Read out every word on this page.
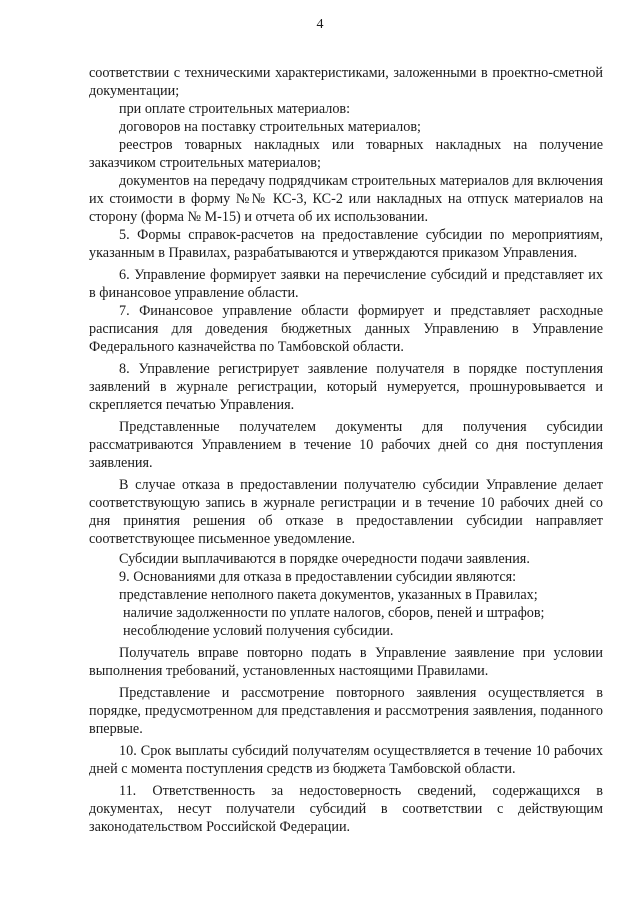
4

соответствии с техническими характеристиками, заложенными в проектно-сметной документации;

при оплате строительных материалов:

договоров на поставку строительных материалов;

реестров товарных накладных или товарных накладных на получение заказчиком строительных материалов;

документов на передачу подрядчикам строительных материалов для включения их стоимости в форму №№ КС-3, КС-2 или накладных на отпуск материалов на сторону (форма № М-15) и отчета об их использовании.

5. Формы справок-расчетов на предоставление субсидии по мероприятиям, указанным в Правилах, разрабатываются и утверждаются приказом Управления.

6. Управление формирует заявки на перечисление субсидий и представляет их в финансовое управление области.

7. Финансовое управление области формирует и представляет расходные расписания для доведения бюджетных данных Управлению в Управление Федерального казначейства по Тамбовской области.

8. Управление регистрирует заявление получателя в порядке поступления заявлений в журнале регистрации, который нумеруется, прошнуровывается и скрепляется печатью Управления.

Представленные получателем документы для получения субсидии рассматриваются Управлением в течение 10 рабочих дней со дня поступления заявления.

В случае отказа в предоставлении получателю субсидии Управление делает соответствующую запись в журнале регистрации и в течение 10 рабочих дней со дня принятия решения об отказе в предоставлении субсидии направляет соответствующее письменное уведомление.

Субсидии выплачиваются в порядке очередности подачи заявления.

9. Основаниями для отказа в предоставлении субсидии являются:

представление неполного пакета документов, указанных в Правилах;

наличие задолженности по уплате налогов, сборов, пеней и штрафов;

несоблюдение условий получения субсидии.

Получатель вправе повторно подать в Управление заявление при условии выполнения требований, установленных настоящими Правилами.

Представление и рассмотрение повторного заявления осуществляется в порядке, предусмотренном для представления и рассмотрения заявления, поданного впервые.

10. Срок выплаты субсидий получателям осуществляется в течение 10 рабочих дней с момента поступления средств из бюджета Тамбовской области.

11. Ответственность за недостоверность сведений, содержащихся в документах, несут получатели субсидий в соответствии с действующим законодательством Российской Федерации.
